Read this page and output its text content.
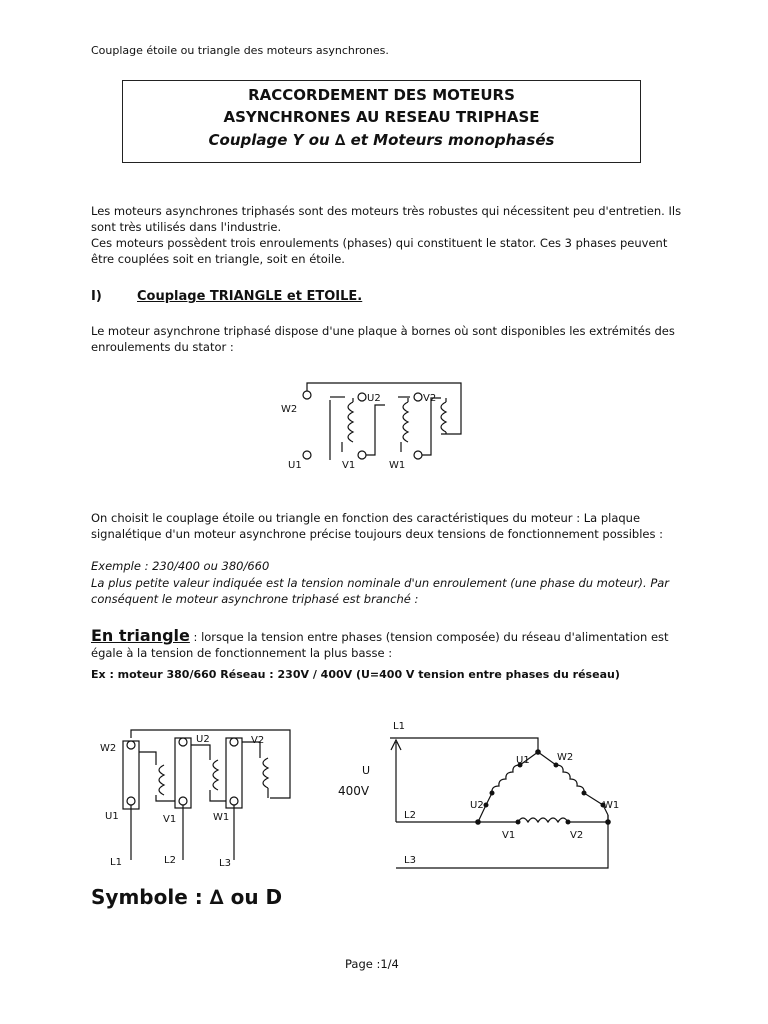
Couplage étoile ou triangle des moteurs asynchrones.
RACCORDEMENT DES MOTEURS
ASYNCHRONES AU RESEAU TRIPHASE
Couplage Y ou ∆ et Moteurs monophasés
Les moteurs asynchrones triphasés sont des moteurs très robustes qui nécessitent peu d'entretien. Ils sont très utilisés dans l'industrie.
Ces moteurs possèdent trois enroulements (phases) qui constituent le stator. Ces 3 phases peuvent être couplées soit en triangle, soit en étoile.
I)	Couplage TRIANGLE et ETOILE.
Le moteur asynchrone triphasé dispose d'une plaque à bornes où sont disponibles les extrémités des enroulements du stator :
W2
U2	V2
U1	V1	W1
On choisit le couplage étoile ou triangle en fonction des caractéristiques du moteur : La plaque signalétique d'un moteur asynchrone précise toujours deux tensions de fonctionnement possibles :
Exemple : 230/400 ou 380/660
La plus petite valeur indiquée est la tension nominale d'un enroulement (une phase du moteur). Par conséquent le moteur asynchrone triphasé est branché :
En triangle : lorsque la tension entre phases (tension composée) du réseau d'alimentation est égale à la tension de fonctionnement la plus basse :
Ex : moteur 380/660 Réseau : 230V / 400V (U=400 V tension entre phases du réseau)
W2
U2	V2
U1	V1	W1
L1	L2	L3
L1
L2
L3
U
400V
U1	W2
U2	W1
V1	V2
Symbole : ∆ ou D
Page :1/4
